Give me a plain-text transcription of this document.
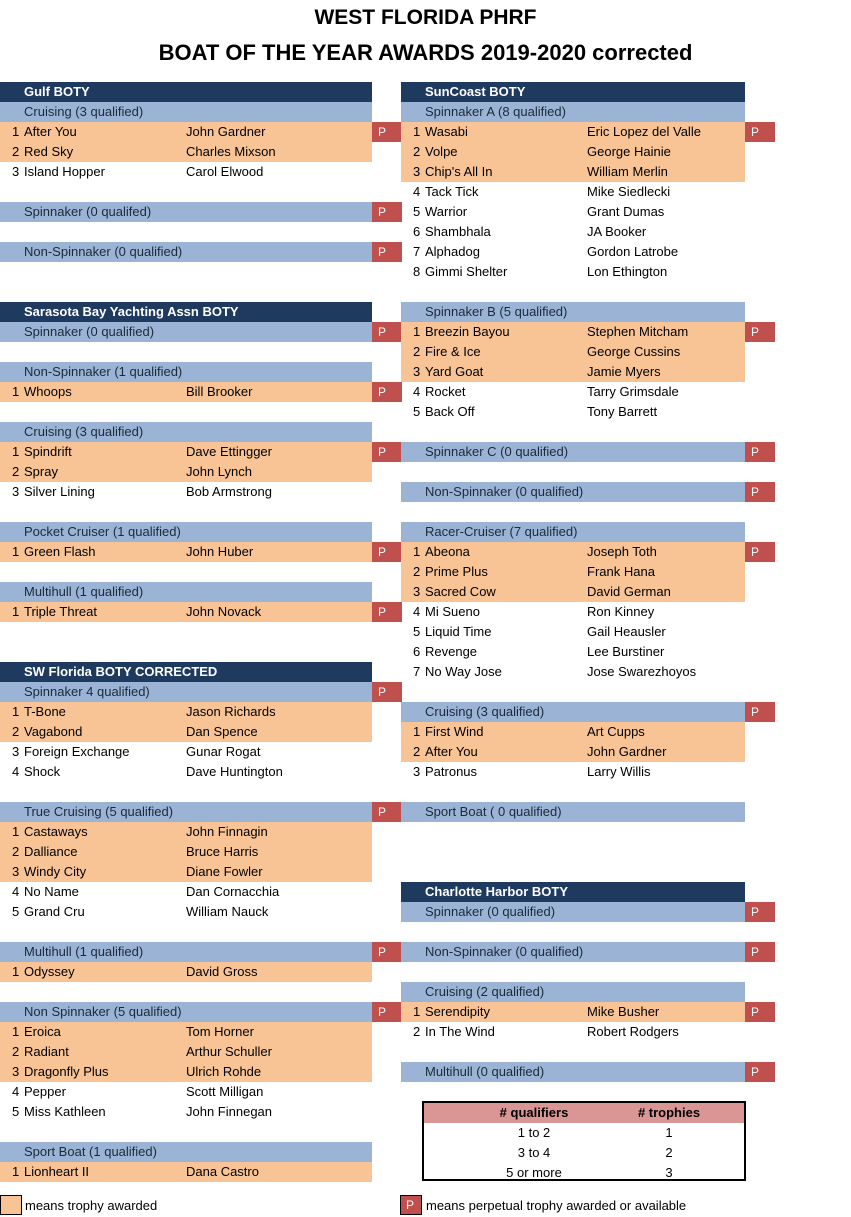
WEST FLORIDA PHRF
BOAT OF THE YEAR AWARDS 2019-2020 corrected
# qualifiers	# trophies
1 to 2	1
3 to 4	2
5 or more	3
means trophy awarded	P means perpetual trophy awarded or available
Gulf BOTY
Cruising (3 qualified)
1 After You	John Gardner	P
2 Red Sky	Charles Mixson
3 Island Hopper	Carol Elwood
Spinnaker (0 qualifed)	P
Non-Spinnaker (0 qualified)	P
Sarasota Bay Yachting Assn BOTY
Spinnaker (0 qualified)	P
Non-Spinnaker (1 qualified)
1 Whoops	Bill Brooker	P
Cruising (3 qualified)
1 Spindrift	Dave Ettingger	P
2 Spray	John Lynch
3 Silver Lining	Bob Armstrong
Pocket Cruiser (1 qualified)
1 Green Flash	John Huber	P
Multihull (1 qualified)
1 Triple Threat	John Novack	P
SW Florida BOTY CORRECTED
Spinnaker 4 qualified)	P
1 T-Bone	Jason Richards
2 Vagabond	Dan Spence
3 Foreign Exchange	Gunar Rogat
4 Shock	Dave Huntington
True Cruising (5 qualified)	P
1 Castaways	John Finnagin
2 Dalliance	Bruce Harris
3 Windy City	Diane Fowler
4 No Name	Dan Cornacchia
5 Grand Cru	William Nauck
Multihull (1 qualified)	P
1 Odyssey	David Gross
Non Spinnaker (5 qualified)	P
1 Eroica	Tom Horner
2 Radiant	Arthur Schuller
3 Dragonfly Plus	Ulrich Rohde
4 Pepper	Scott Milligan
5 Miss Kathleen	John Finnegan
Sport Boat (1 qualified)
1 Lionheart II	Dana Castro
SunCoast BOTY
Spinnaker A (8 qualified)
1 Wasabi	Eric Lopez del Valle	P
2 Volpe	George Hainie
3 Chip's All In	William Merlin
4 Tack Tick	Mike Siedlecki
5 Warrior	Grant Dumas
6 Shambhala	JA Booker
7 Alphadog	Gordon Latrobe
8 Gimmi Shelter	Lon Ethington
Spinnaker B (5 qualified)
1 Breezin Bayou	Stephen Mitcham	P
2 Fire & Ice	George Cussins
3 Yard Goat	Jamie Myers
4 Rocket	Tarry Grimsdale
5 Back Off	Tony Barrett
Spinnaker C (0 qualified)	P
Non-Spinnaker (0 qualified)	P
Racer-Cruiser (7 qualified)
1 Abeona	Joseph Toth	P
2 Prime Plus	Frank Hana
3 Sacred Cow	David German
4 Mi Sueno	Ron Kinney
5 Liquid Time	Gail Heausler
6 Revenge	Lee Burstiner
7 No Way Jose	Jose Swarezhoyos
Cruising (3 qualified)	P
1 First Wind	Art Cupps
2 After You	John Gardner
3 Patronus	Larry Willis
Sport Boat ( 0 qualified)
Charlotte Harbor BOTY
Spinnaker (0 qualified)	P
Non-Spinnaker (0 qualified)	P
Cruising (2 qualified)
1 Serendipity	Mike Busher	P
2 In The Wind	Robert Rodgers
Multihull (0 qualified)	P
